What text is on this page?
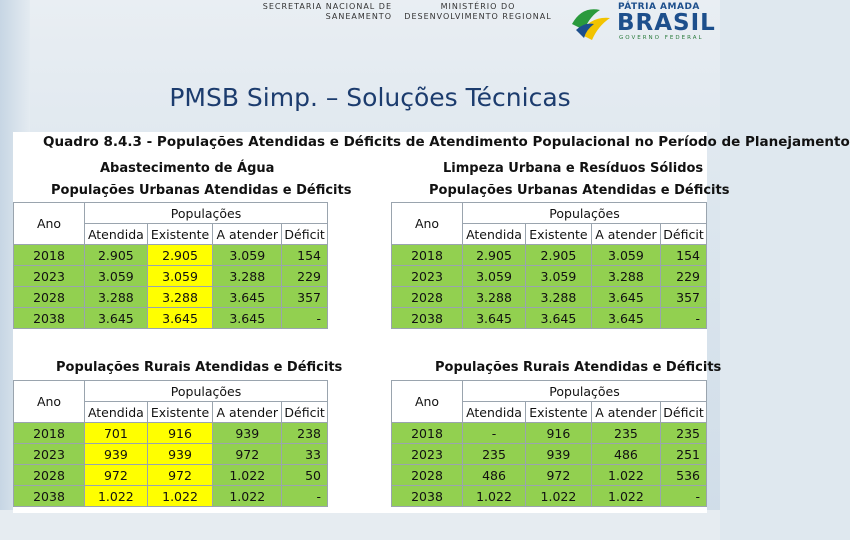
SECRETARIA NACIONAL DE
SANEAMENTO
MINISTÉRIO DO
DESENVOLVIMENTO REGIONAL
PÁTRIA AMADA
BRASIL
GOVERNO FEDERAL
PMSB Simp. – Soluções Técnicas
Quadro 8.4.3 - Populações Atendidas e Déficits de Atendimento Populacional no Período de Planejamento
Abastecimento de Água	Limpeza Urbana e Resíduos Sólidos
Populações Urbanas Atendidas e Déficits	Populações Urbanas Atendidas e Déficits
Populações Rurais Atendidas e Déficits	Populações Rurais Atendidas e Déficits
Ano	Populações			
	Atendida	Existente	A atender	Déficit
2018	2.905	2.905	3.059	154
2023	3.059	3.059	3.288	229
2028	3.288	3.288	3.645	357
2038	3.645	3.645	3.645	-
Ano	Populações			
	Atendida	Existente	A atender	Déficit
2018	2.905	2.905	3.059	154
2023	3.059	3.059	3.288	229
2028	3.288	3.288	3.645	357
2038	3.645	3.645	3.645	-
Ano	Populações			
	Atendida	Existente	A atender	Déficit
2018	701	916	939	238
2023	939	939	972	33
2028	972	972	1.022	50
2038	1.022	1.022	1.022	-
Ano	Populações			
	Atendida	Existente	A atender	Déficit
2018	-	916	235	235
2023	235	939	486	251
2028	486	972	1.022	536
2038	1.022	1.022	1.022	-
